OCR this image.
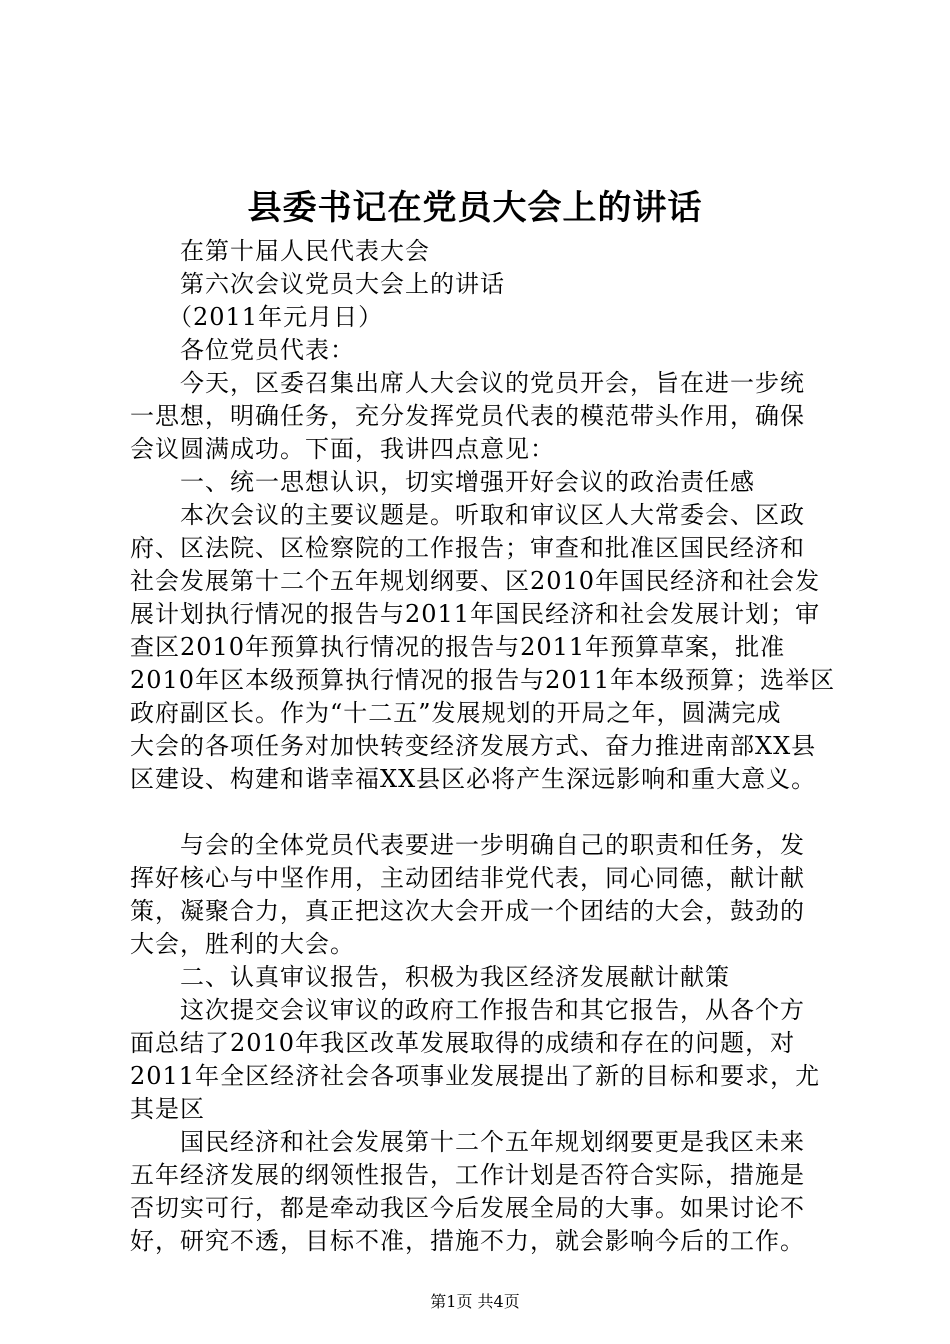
县委书记在党员大会上的讲话
在第十届人民代表大会
第六次会议党员大会上的讲话
（2011年元月日）
各位党员代表：
今天，区委召集出席人大会议的党员开会，旨在进一步统
一思想，明确任务，充分发挥党员代表的模范带头作用，确保
会议圆满成功。下面，我讲四点意见：
一、统一思想认识，切实增强开好会议的政治责任感
本次会议的主要议题是。听取和审议区人大常委会、区政
府、区法院、区检察院的工作报告；审查和批准区国民经济和
社会发展第十二个五年规划纲要、区2010年国民经济和社会发
展计划执行情况的报告与2011年国民经济和社会发展计划；审
查区2010年预算执行情况的报告与2011年预算草案，批准
2010年区本级预算执行情况的报告与2011年本级预算；选举区
政府副区长。作为“十二五”发展规划的开局之年，圆满完成
大会的各项任务对加快转变经济发展方式、奋力推进南部XX县
区建设、构建和谐幸福XX县区必将产生深远影响和重大意义。
与会的全体党员代表要进一步明确自己的职责和任务，发
挥好核心与中坚作用，主动团结非党代表，同心同德，献计献
策，凝聚合力，真正把这次大会开成一个团结的大会，鼓劲的
大会，胜利的大会。
二、认真审议报告，积极为我区经济发展献计献策
这次提交会议审议的政府工作报告和其它报告，从各个方
面总结了2010年我区改革发展取得的成绩和存在的问题，对
2011年全区经济社会各项事业发展提出了新的目标和要求，尤
其是区
国民经济和社会发展第十二个五年规划纲要更是我区未来
五年经济发展的纲领性报告，工作计划是否符合实际，措施是
否切实可行，都是牵动我区今后发展全局的大事。如果讨论不
好，研究不透，目标不准，措施不力，就会影响今后的工作。
第1页 共4页
